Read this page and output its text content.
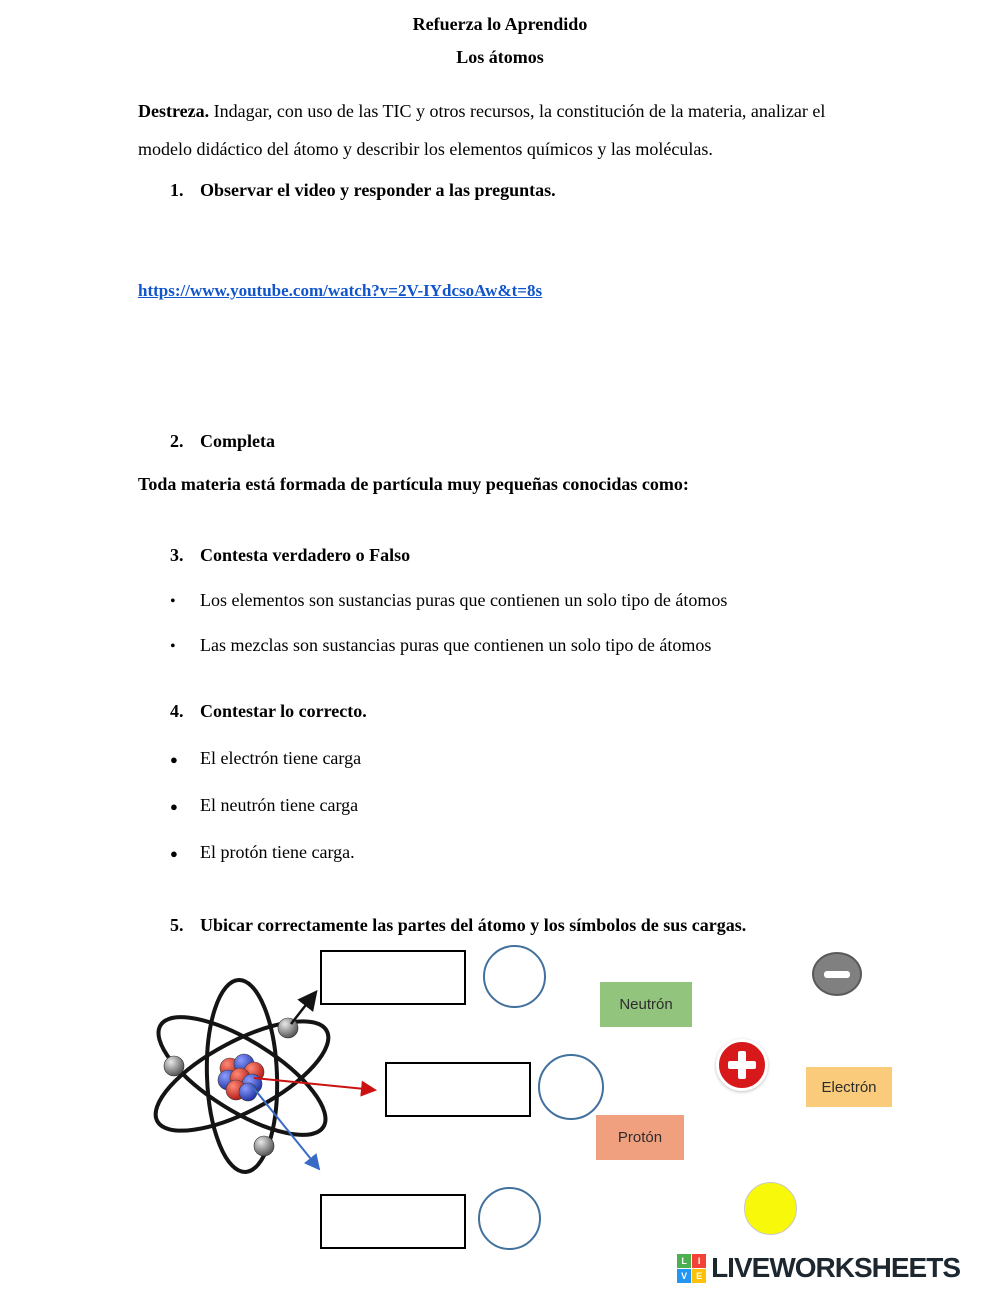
Refuerza lo Aprendido
Los átomos

Destreza. Indagar, con uso de las TIC y otros recursos, la constitución de la materia, analizar el modelo didáctico del átomo y describir los elementos químicos y las moléculas.

1. Observar el video y responder a las preguntas.
https://www.youtube.com/watch?v=2V-IYdcsoAw&t=8s
2. Completa
Toda materia está formada de partícula muy pequeñas conocidas como:
3. Contesta verdadero o Falso
•	Los elementos son sustancias puras que contienen un solo tipo de átomos
•	Las mezclas son sustancias puras que contienen un solo tipo de átomos
4. Contestar lo correcto.
●	El electrón tiene carga
●	El neutrón tiene carga
●	El protón tiene carga.
5. Ubicar correctamente las partes del átomo y los símbolos de sus cargas.
Neutrón
Protón
Electrón
L	I
V E LIVEWORKSHEETS
